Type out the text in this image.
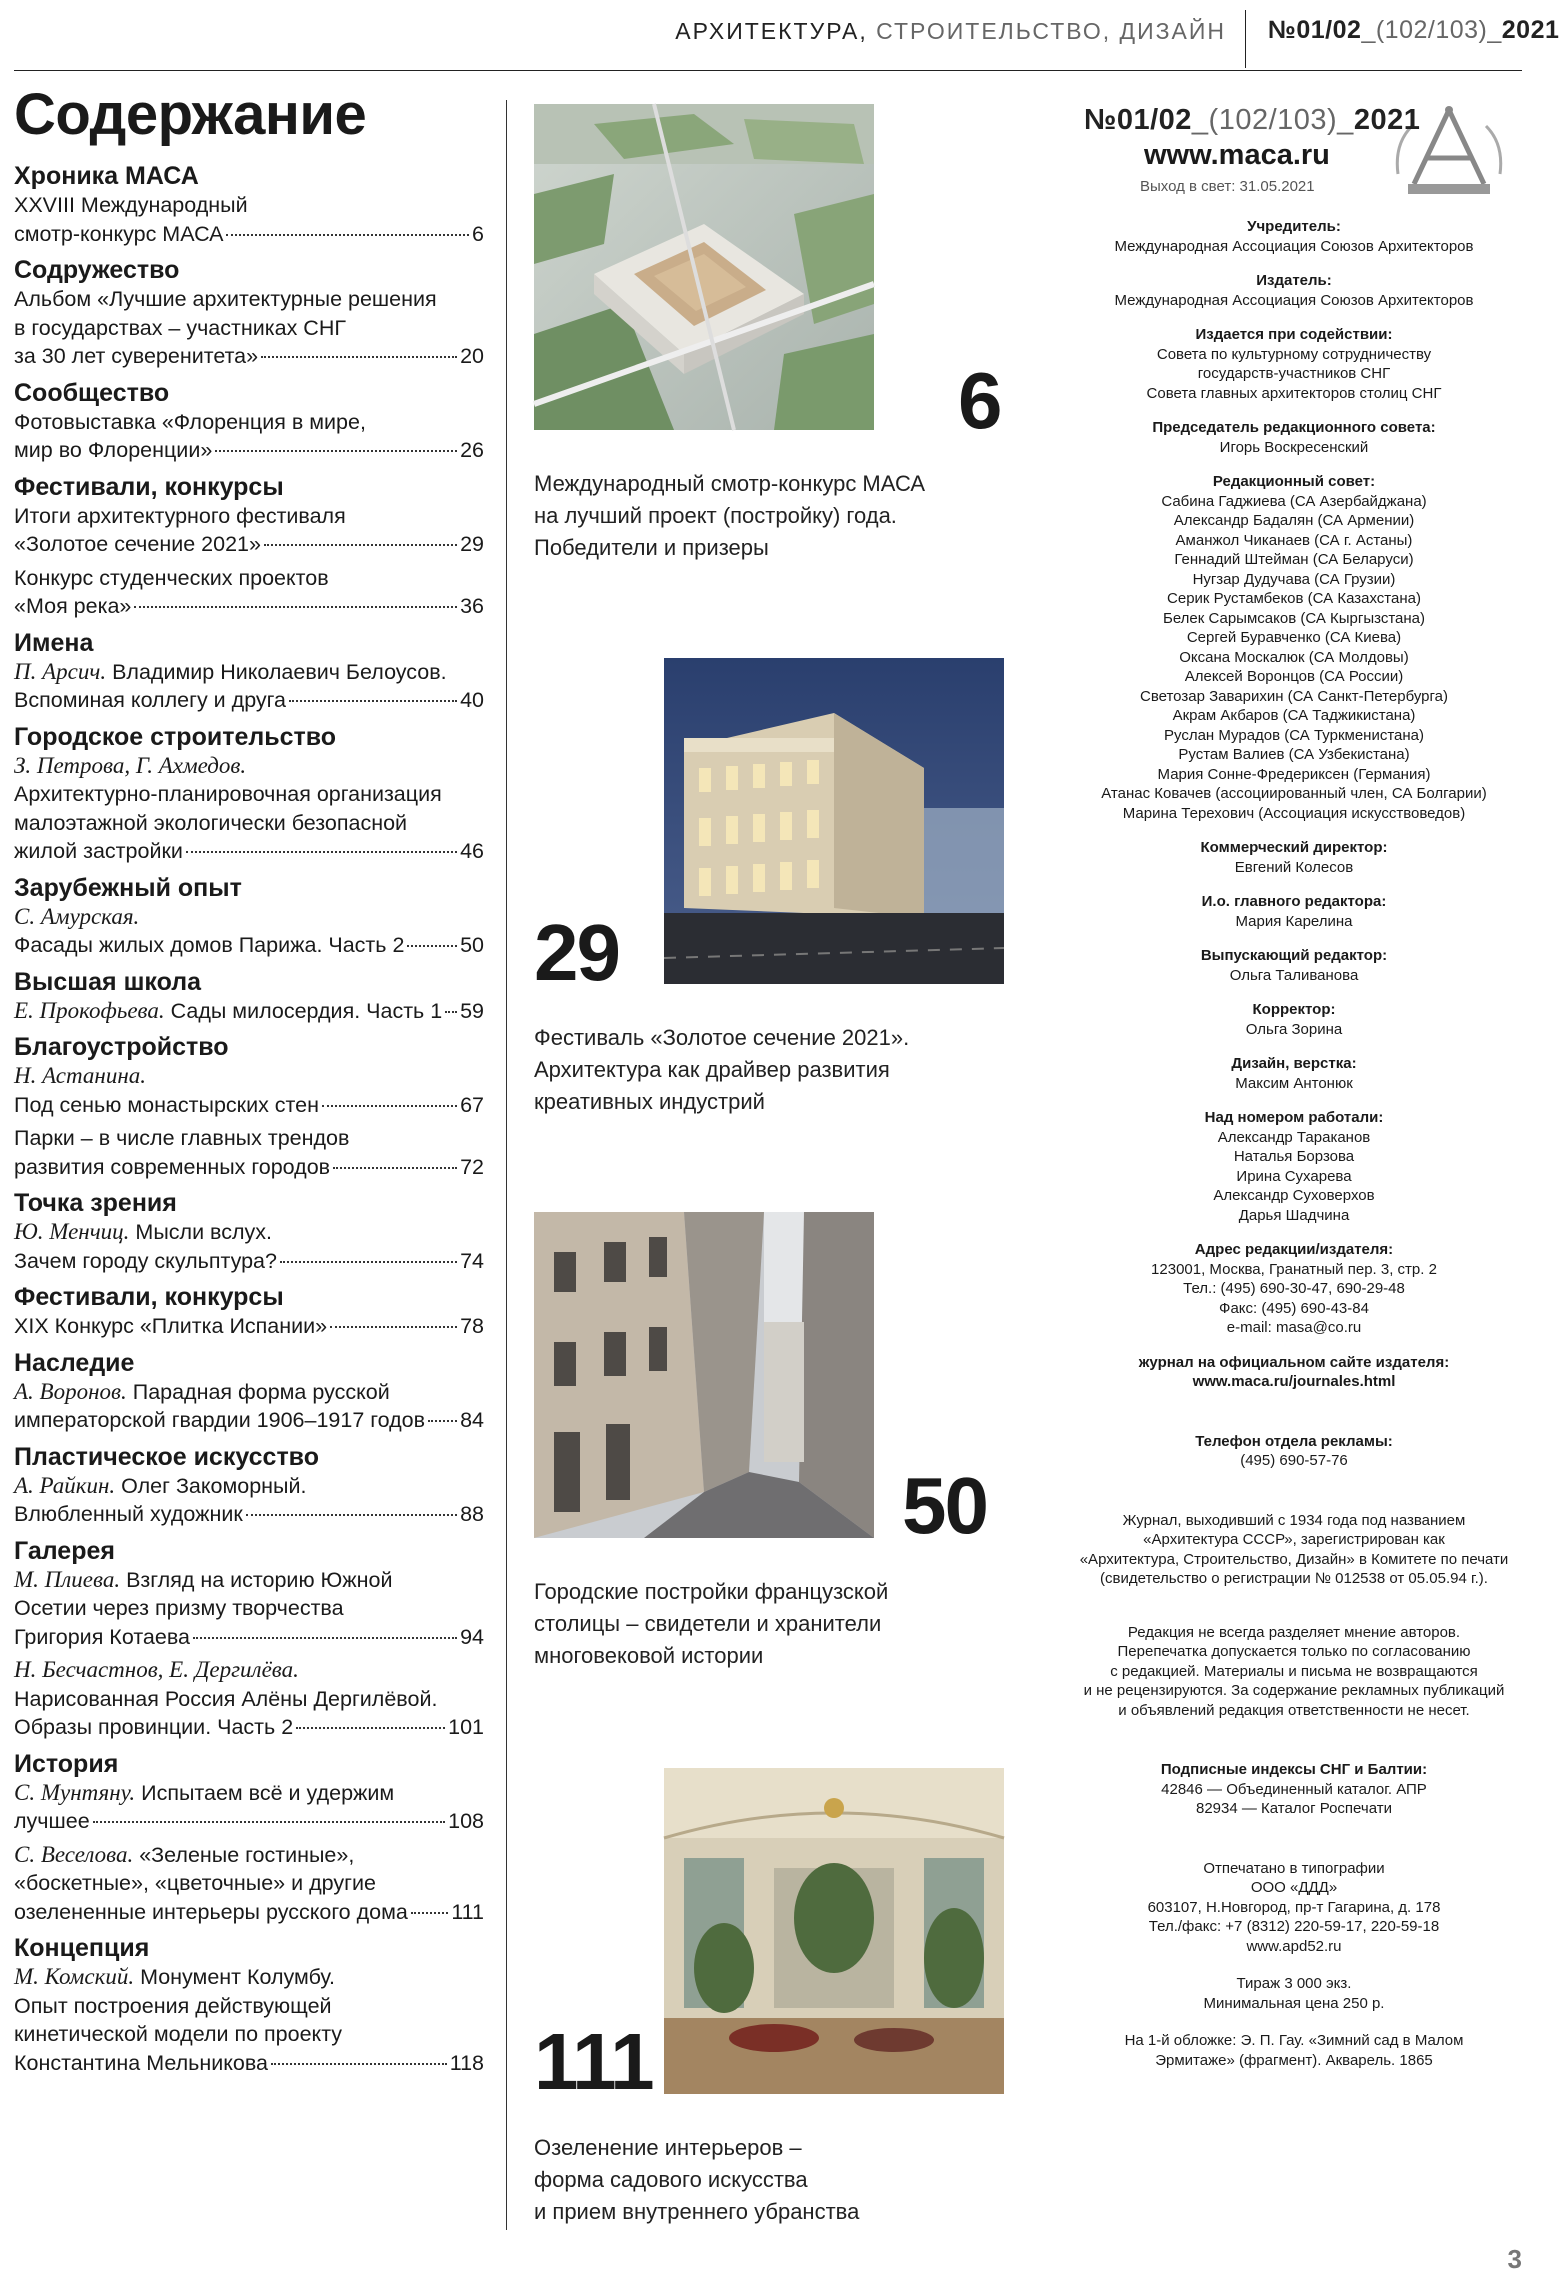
АРХИТЕКТУРА, СТРОИТЕЛЬСТВО, ДИЗАЙН №01/02_(102/103)_2021
Содержание
Хроника МАСА
XXVIII Международный
смотр-конкурс МАСА	6
Содружество
Альбом «Лучшие архитектурные решения
в государствах – участниках СНГ
за 30 лет суверенитета»	20
Сообщество
Фотовыставка «Флоренция в мире,
мир во Флоренции»	26
Фестивали, конкурсы
Итоги архитектурного фестиваля
«Золотое сечение 2021»	29
Конкурс студенческих проектов
«Моя река»	36
Имена
П. Арсич. Владимир Николаевич Белоусов.
Вспоминая коллегу и друга	40
Городское строительство
З. Петрова, Г. Ахмедов.
Архитектурно-планировочная организация
малоэтажной экологически безопасной
жилой застройки	46
Зарубежный опыт
С. Амурская.
Фасады жилых домов Парижа. Часть 2	50
Высшая школа
Е. Прокофьева. Сады милосердия. Часть 1 59
Благоустройство
Н. Астанина.
Под сенью монастырских стен	67
Парки – в числе главных трендов
развития современных городов	72
Точка зрения
Ю. Менчиц. Мысли вслух.
Зачем городу скульптура?	74
Фестивали, конкурсы
XIX Конкурс «Плитка Испании»	78
Наследие
А. Воронов. Парадная форма русской
императорской гвардии 1906–1917 годов 84
Пластическое искусство
А. Райкин. Олег Закоморный.
Влюбленный художник	88
Галерея
М. Плиева. Взгляд на историю Южной
Осетии через призму творчества
Григория Котаева	94
Н. Бесчастнов, Е. Дергилёва.
Нарисованная Россия Алёны Дергилёвой.
Образы провинции. Часть 2	101
История
С. Мунтяну. Испытаем всё и удержим
лучшее	108
С. Веселова. «Зеленые гостиные»,
«боскетные», «цветочные» и другие
озелененные интерьеры русского дома 111
Концепция
М. Комский. Монумент Колумбу.
Опыт построения действующей
кинетической модели по проекту
Константина Мельникова	118
6
Международный смотр-конкурс МАСА
на лучший проект (постройку) года.
Победители и призеры
29
Фестиваль «Золотое сечение 2021».
Архитектура как драйвер развития
креативных индустрий
50
Городские постройки французской
столицы – свидетели и хранители
многовековой истории
111
Озеленение интерьеров –
форма садового искусства
и прием внутреннего убранства
№01/02_(102/103)_2021
www.maca.ru
Выход в свет: 31.05.2021
Учредитель:
Международная Ассоциация Союзов Архитекторов
Издатель:
Международная Ассоциация Союзов Архитекторов
Издается при содействии:
Совета по культурному сотрудничеству
государств-участников СНГ
Совета главных архитекторов столиц СНГ
Председатель редакционного совета:
Игорь Воскресенский
Редакционный совет:
Сабина Гаджиева (СА Азербайджана)
Александр Бадалян (СА Армении)
Аманжол Чиканаев (СА г. Астаны)
Геннадий Штейман (СА Беларуси)
Нугзар Дудучава (СА Грузии)
Серик Рустамбеков (СА Казахстана)
Белек Сарымсаков (СА Кыргызстана)
Сергей Буравченко (СА Киева)
Оксана Москалюк (СА Молдовы)
Алексей Воронцов (СА России)
Светозар Заварихин (СА Санкт-Петербурга)
Акрам Акбаров (СА Таджикистана)
Руслан Мурадов (СА Туркменистана)
Рустам Валиев (СА Узбекистана)
Мария Сонне-Фредериксен (Германия)
Атанас Ковачев (ассоциированный член, СА Болгарии)
Марина Терехович (Ассоциация искусствоведов)
Коммерческий директор:
Евгений Колесов
И.о. главного редактора:
Мария Карелина
Выпускающий редактор:
Ольга Таливанова
Корректор:
Ольга Зорина
Дизайн, верстка:
Максим Антонюк
Над номером работали:
Александр Тараканов
Наталья Борзова
Ирина Сухарева
Александр Суховерхов
Дарья Шадчина
Адрес редакции/издателя:
123001, Москва, Гранатный пер. 3, стр. 2
Тел.: (495) 690-30-47, 690-29-48
Факс: (495) 690-43-84
e-mail: masa@co.ru
журнал на официальном сайте издателя:
www.maca.ru/journales.html
Телефон отдела рекламы:
(495) 690-57-76
Журнал, выходивший с 1934 года под названием
«Архитектура СССР», зарегистрирован как
«Архитектура, Строительство, Дизайн» в Комитете по печати
(свидетельство о регистрации № 012538 от 05.05.94 г.).
Редакция не всегда разделяет мнение авторов.
Перепечатка допускается только по согласованию
с редакцией. Материалы и письма не возвращаются
и не рецензируются. За содержание рекламных публикаций
и объявлений редакция ответственности не несет.
Подписные индексы СНГ и Балтии:
42846 — Объединенный каталог. АПР
82934 — Каталог Роспечати
Отпечатано в типографии
ООО «ДДД»
603107, Н.Новгород, пр-т Гагарина, д. 178
Тел./факс: +7 (8312) 220-59-17, 220-59-18
www.apd52.ru
Тираж 3 000 экз.
Минимальная цена 250 р.
На 1-й обложке: Э. П. Гау. «Зимний сад в Малом
Эрмитаже» (фрагмент). Акварель. 1865
3
